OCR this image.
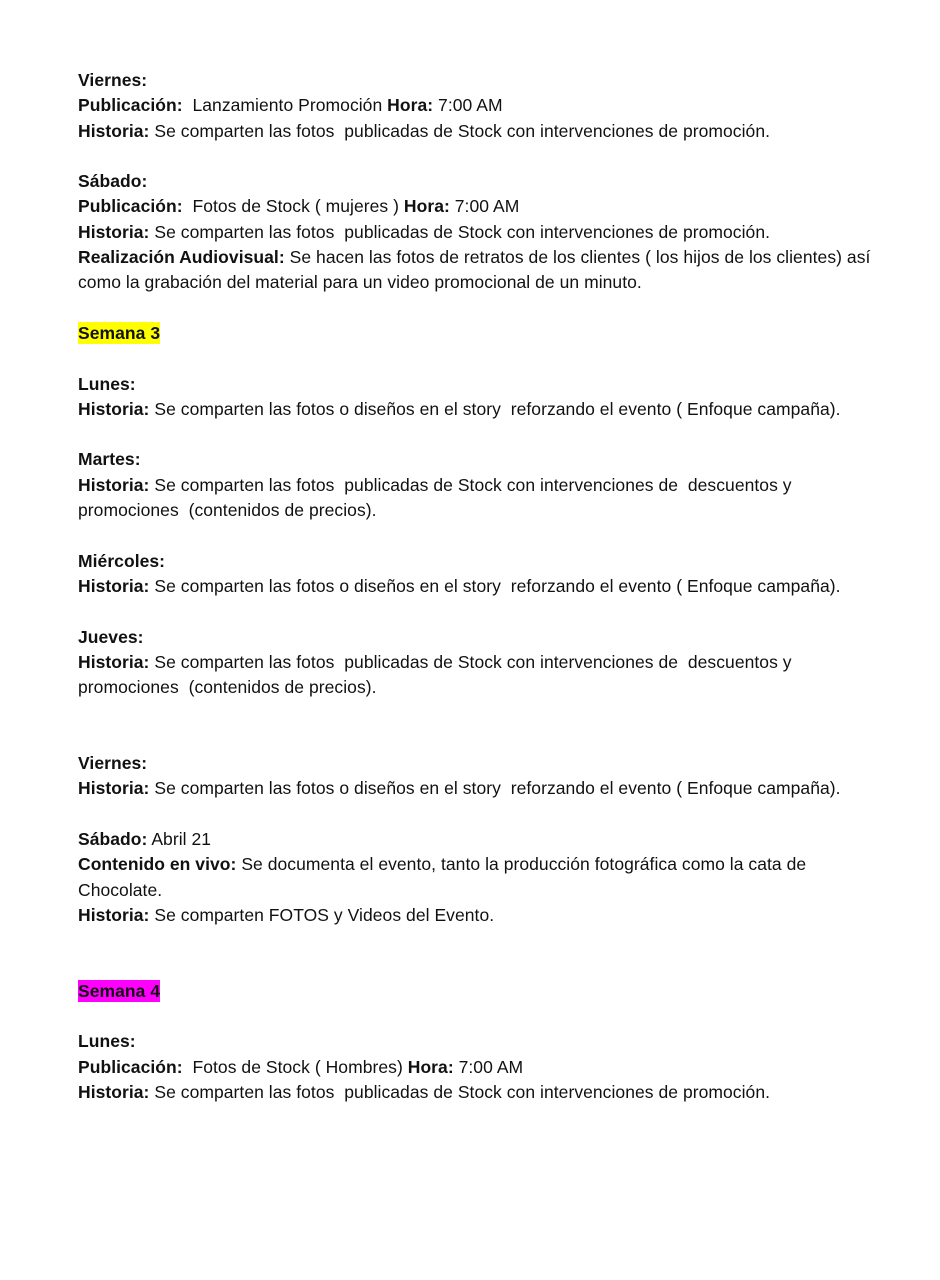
Viernes:

Publicación:  Lanzamiento Promoción Hora: 7:00 AM

Historia: Se comparten las fotos  publicadas de Stock con intervenciones de promoción.

Sábado:

Publicación:  Fotos de Stock ( mujeres ) Hora: 7:00 AM

Historia: Se comparten las fotos  publicadas de Stock con intervenciones de promoción.

Realización Audiovisual: Se hacen las fotos de retratos de los clientes ( los hijos de los clientes) así como la grabación del material para un video promocional de un minuto.

Semana 3

Lunes:

Historia: Se comparten las fotos o diseños en el story  reforzando el evento ( Enfoque campaña).

Martes:

Historia: Se comparten las fotos  publicadas de Stock con intervenciones de  descuentos y promociones  (contenidos de precios).

Miércoles:

Historia: Se comparten las fotos o diseños en el story  reforzando el evento ( Enfoque campaña).

Jueves:

Historia: Se comparten las fotos  publicadas de Stock con intervenciones de  descuentos y promociones  (contenidos de precios).

Viernes:

Historia: Se comparten las fotos o diseños en el story  reforzando el evento ( Enfoque campaña).

Sábado: Abril 21

Contenido en vivo: Se documenta el evento, tanto la producción fotográfica como la cata de Chocolate.

Historia: Se comparten FOTOS y Videos del Evento.

Semana 4

Lunes:

Publicación:  Fotos de Stock ( Hombres) Hora: 7:00 AM

Historia: Se comparten las fotos  publicadas de Stock con intervenciones de promoción.
